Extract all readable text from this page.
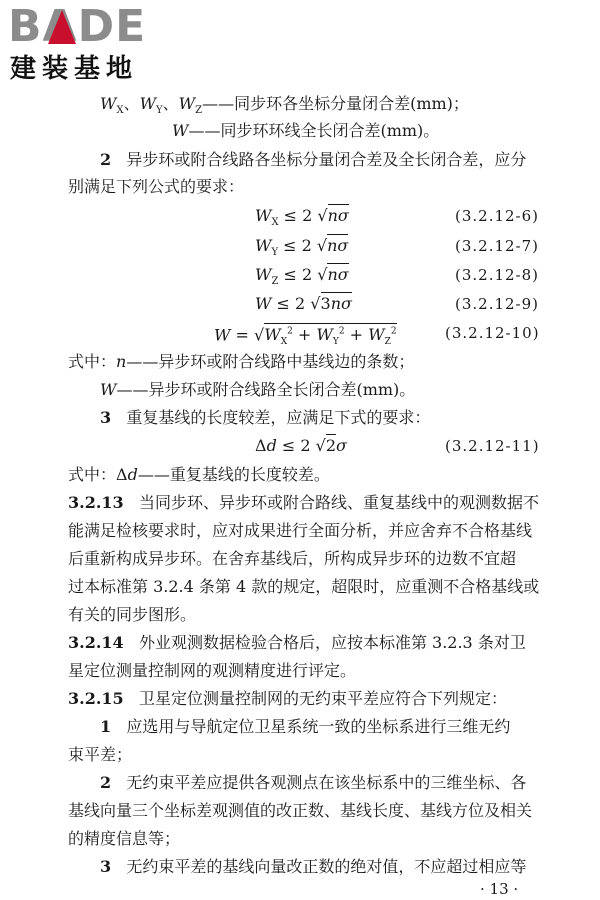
BADE
建装基地
$W_X$、$W_Y$、$W_Z——$同步环各坐标分量闭合差(mm)；
W——同步环环线全长闭合差(mm)。
2 异步环或附合线路各坐标分量闭合差及全长闭合差，应分
别满足下列公式的要求：
$W_X \le 2$ √nσ	(3.2.12-6)
$W_Y \le 2$ √nσ	(3.2.12-7)
$W_Z \le 2$ √nσ	(3.2.12-8)
W ≤ 2 √3nσ	(3.2.12-9)
$W = √W_X^2 + W_Y^2 + W_Z^2$	(3.2.12-10)
式中：n——异步环或附合线路中基线边的条数；
W——异步环或附合线路全长闭合差(mm)。
3 重复基线的长度较差，应满足下式的要求：
Δd ≤ 2 √2σ	(3.2.12-11)
式中：Δd——重复基线的长度较差。
3.2.13 当同步环、异步环或附合路线、重复基线中的观测数据不
能满足检核要求时，应对成果进行全面分析，并应舍弃不合格基线
后重新构成异步环。在舍弃基线后，所构成异步环的边数不宜超
过本标准第 3.2.4 条第 4 款的规定，超限时，应重测不合格基线或
有关的同步图形。
3.2.14 外业观测数据检验合格后，应按本标准第 3.2.3 条对卫
星定位测量控制网的观测精度进行评定。
3.2.15 卫星定位测量控制网的无约束平差应符合下列规定：
1 应选用与导航定位卫星系统一致的坐标系进行三维无约
束平差；
2 无约束平差应提供各观测点在该坐标系中的三维坐标、各
基线向量三个坐标差观测值的改正数、基线长度、基线方位及相关
的精度信息等；
3 无约束平差的基线向量改正数的绝对值，不应超过相应等
· 13 ·
